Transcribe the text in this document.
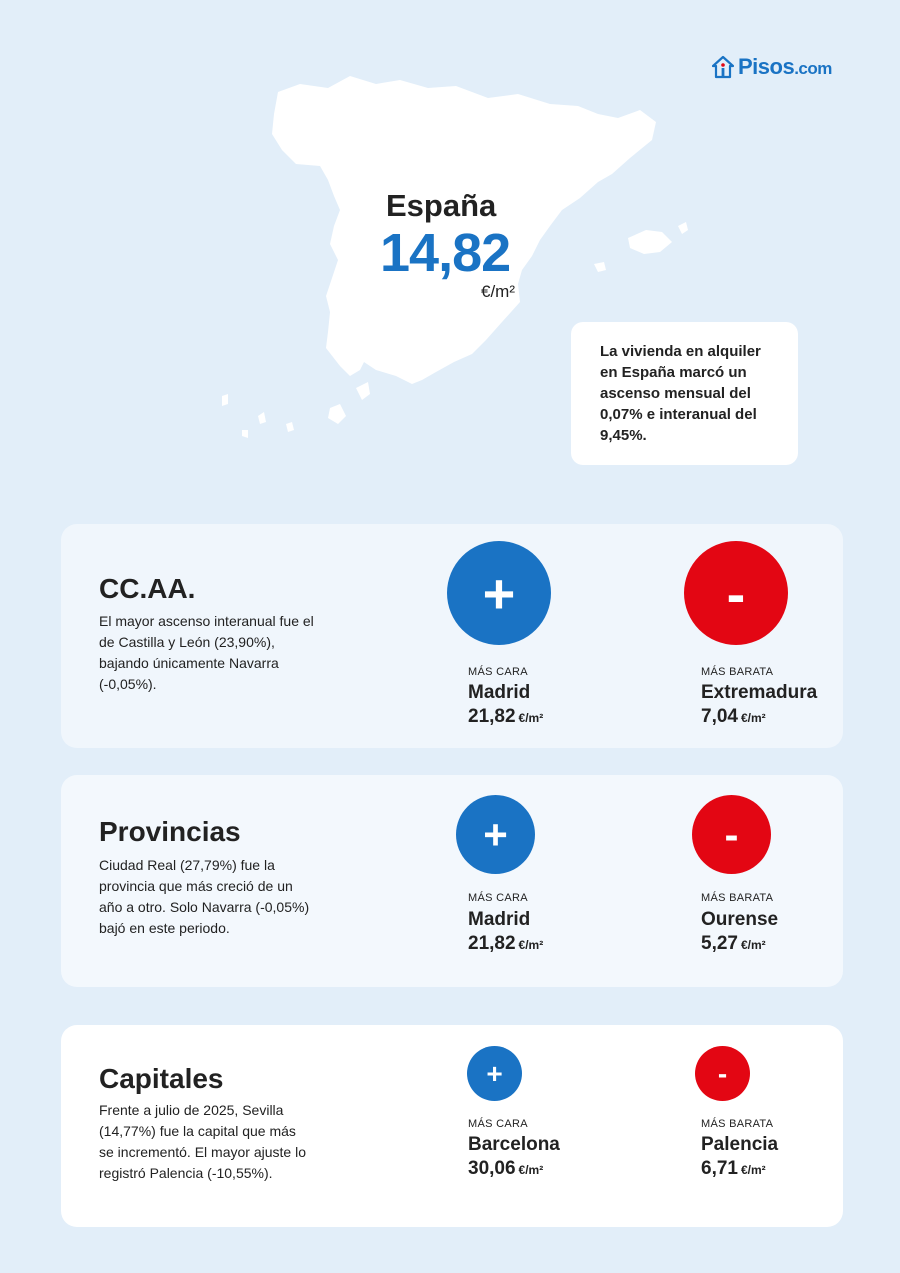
Pisos.com
España
14,82
€/m²
La vivienda en alquiler en España marcó un ascenso mensual del 0,07% e interanual del 9,45%.
CC.AA.
El mayor ascenso interanual fue el de Castilla y León (23,90%), bajando únicamente Navarra (-0,05%).
+
MÁS CARA
Madrid
21,82 €/m²
-
MÁS BARATA
Extremadura
7,04 €/m²
Provincias
Ciudad Real (27,79%) fue la provincia que más creció de un año a otro. Solo Navarra (-0,05%) bajó en este periodo.
+
MÁS CARA
Madrid
21,82 €/m²
-
MÁS BARATA
Ourense
5,27 €/m²
Capitales
Frente a julio de 2025, Sevilla (14,77%) fue la capital que más se incrementó. El mayor ajuste lo registró Palencia (-10,55%).
+
MÁS CARA
Barcelona
30,06 €/m²
-
MÁS BARATA
Palencia
6,71 €/m²
